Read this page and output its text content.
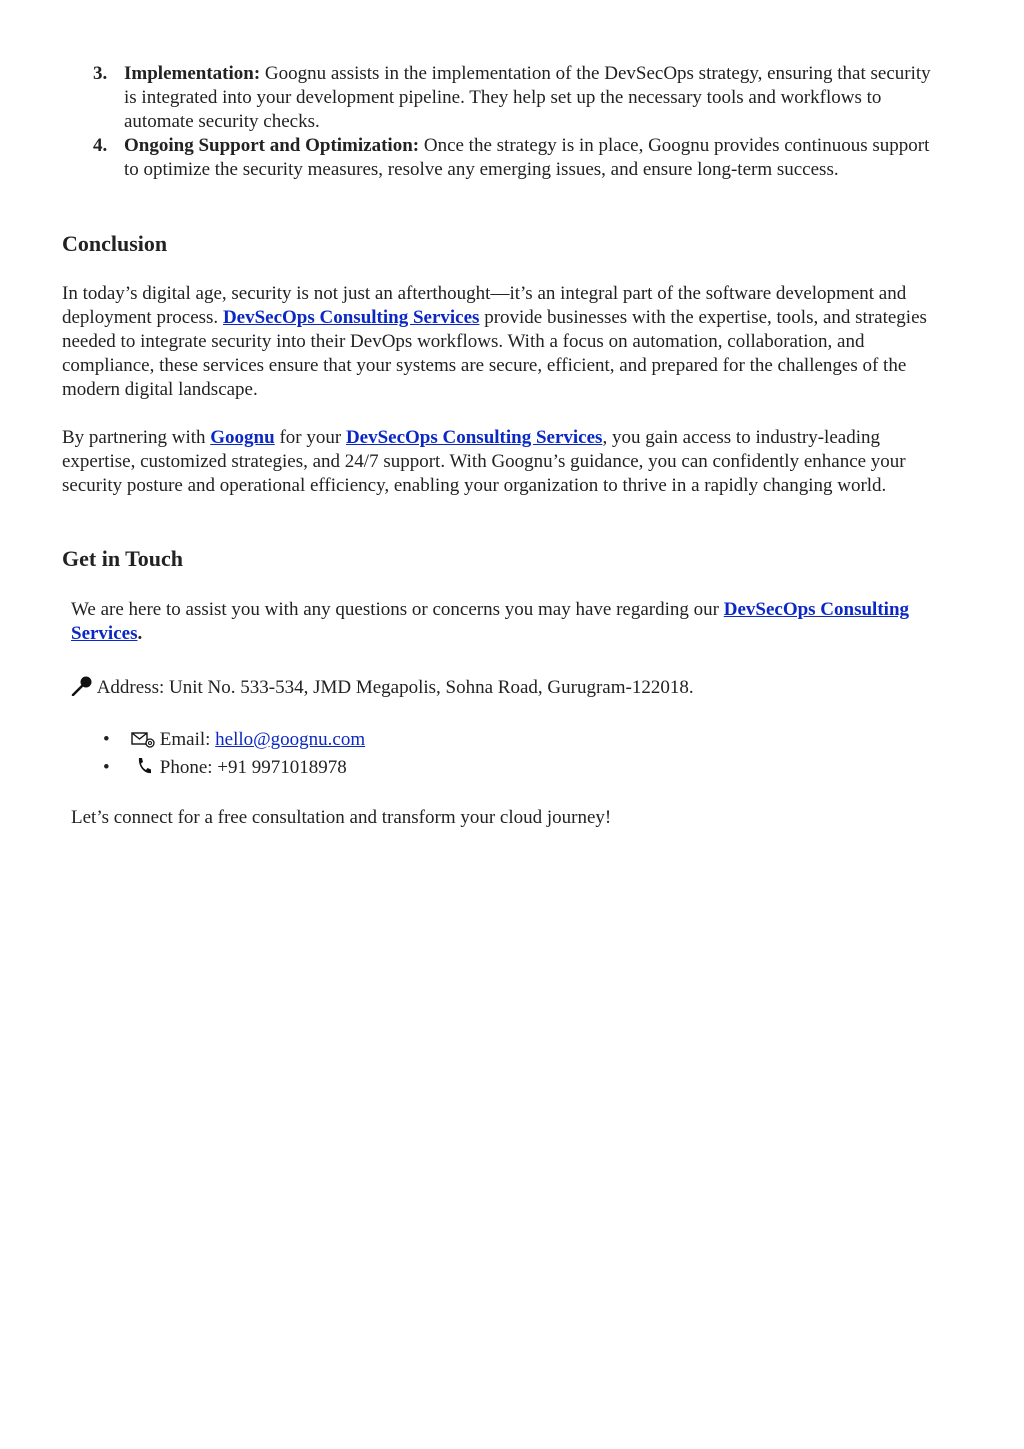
3. Implementation: Goognu assists in the implementation of the DevSecOps strategy, ensuring that security is integrated into your development pipeline. They help set up the necessary tools and workflows to automate security checks.
4. Ongoing Support and Optimization: Once the strategy is in place, Goognu provides continuous support to optimize the security measures, resolve any emerging issues, and ensure long-term success.
Conclusion

In today’s digital age, security is not just an afterthought—it’s an integral part of the software development and deployment process. DevSecOps Consulting Services provide businesses with the expertise, tools, and strategies needed to integrate security into their DevOps workflows. With a focus on automation, collaboration, and compliance, these services ensure that your systems are secure, efficient, and prepared for the challenges of the modern digital landscape.

By partnering with Goognu for your DevSecOps Consulting Services, you gain access to industry-leading expertise, customized strategies, and 24/7 support. With Goognu’s guidance, you can confidently enhance your security posture and operational efficiency, enabling your organization to thrive in a rapidly changing world.

Get in Touch

We are here to assist you with any questions or concerns you may have regarding our DevSecOps Consulting Services.

Address: Unit No. 533-534, JMD Megapolis, Sohna Road, Gurugram-122018.

•	Email: hello@goognu.com
•	Phone: +91 9971018978

Let’s connect for a free consultation and transform your cloud journey!
